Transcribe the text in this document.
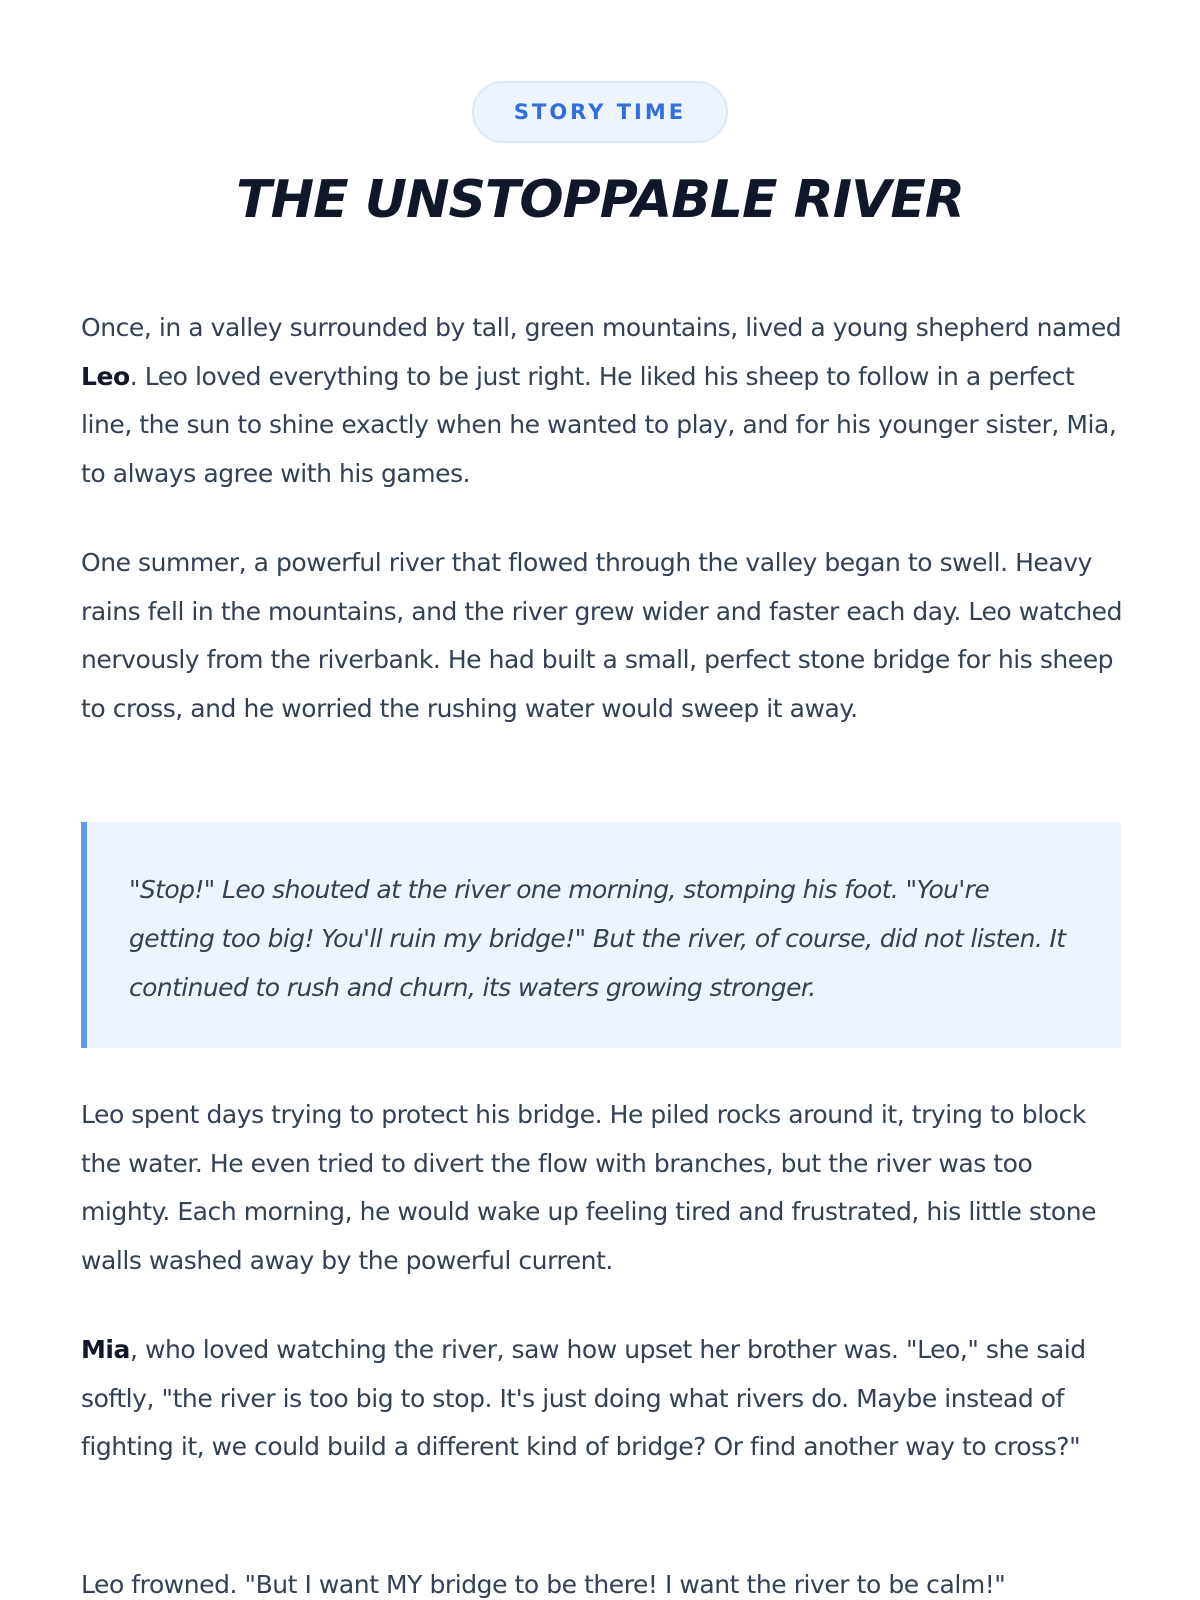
STORY TIME
THE UNSTOPPABLE RIVER

Once, in a valley surrounded by tall, green mountains, lived a young shepherd named Leo. Leo loved everything to be just right. He liked his sheep to follow in a perfect line, the sun to shine exactly when he wanted to play, and for his younger sister, Mia, to always agree with his games.

One summer, a powerful river that flowed through the valley began to swell. Heavy rains fell in the mountains, and the river grew wider and faster each day. Leo watched nervously from the riverbank. He had built a small, perfect stone bridge for his sheep to cross, and he worried the rushing water would sweep it away.

"Stop!" Leo shouted at the river one morning, stomping his foot. "You're getting too big! You'll ruin my bridge!" But the river, of course, did not listen. It continued to rush and churn, its waters growing stronger.

Leo spent days trying to protect his bridge. He piled rocks around it, trying to block the water. He even tried to divert the flow with branches, but the river was too mighty. Each morning, he would wake up feeling tired and frustrated, his little stone walls washed away by the powerful current.

Mia, who loved watching the river, saw how upset her brother was. "Leo," she said softly, "the river is too big to stop. It's just doing what rivers do. Maybe instead of fighting it, we could build a different kind of bridge? Or find another way to cross?"

Leo frowned. "But I want MY bridge to be there! I want the river to be calm!"
